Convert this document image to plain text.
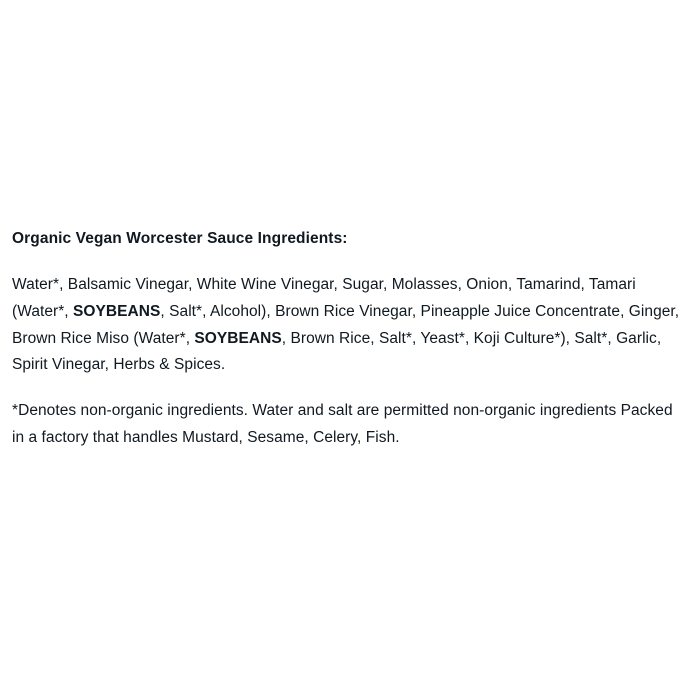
Organic Vegan Worcester Sauce Ingredients:

Water*, Balsamic Vinegar, White Wine Vinegar, Sugar, Molasses, Onion, Tamarind, Tamari (Water*, SOYBEANS, Salt*, Alcohol), Brown Rice Vinegar, Pineapple Juice Concentrate, Ginger, Brown Rice Miso (Water*, SOYBEANS, Brown Rice, Salt*, Yeast*, Koji Culture*), Salt*, Garlic, Spirit Vinegar, Herbs & Spices.

*Denotes non-organic ingredients. Water and salt are permitted non-organic ingredients Packed in a factory that handles Mustard, Sesame, Celery, Fish.
